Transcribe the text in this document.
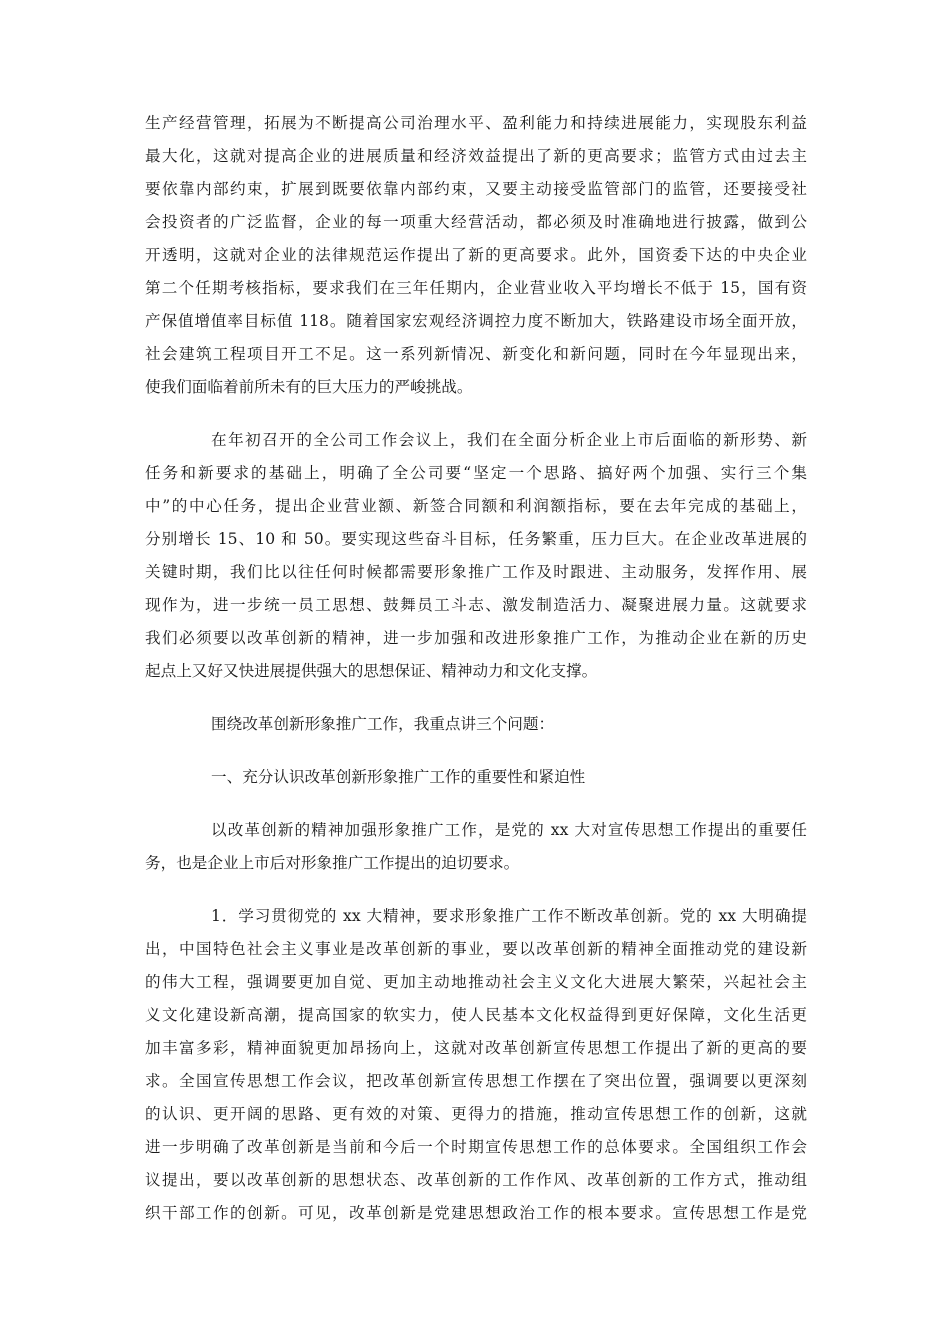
生产经营管理，拓展为不断提高公司治理水平、盈利能力和持续进展能力，实现股东利益
最大化，这就对提高企业的进展质量和经济效益提出了新的更高要求；监管方式由过去主
要依靠内部约束，扩展到既要依靠内部约束，又要主动接受监管部门的监管，还要接受社
会投资者的广泛监督，企业的每一项重大经营活动，都必须及时准确地进行披露，做到公
开透明，这就对企业的法律规范运作提出了新的更高要求。此外，国资委下达的中央企业
第二个任期考核指标，要求我们在三年任期内，企业营业收入平均增长不低于 15，国有资
产保值增值率目标值 118。随着国家宏观经济调控力度不断加大，铁路建设市场全面开放，
社会建筑工程项目开工不足。这一系列新情况、新变化和新问题，同时在今年显现出来，
使我们面临着前所未有的巨大压力的严峻挑战。
在年初召开的全公司工作会议上，我们在全面分析企业上市后面临的新形势、新
任务和新要求的基础上，明确了全公司要“坚定一个思路、搞好两个加强、实行三个集
中”的中心任务，提出企业营业额、新签合同额和利润额指标，要在去年完成的基础上，
分别增长 15、10 和 50。要实现这些奋斗目标，任务繁重，压力巨大。在企业改革进展的
关键时期，我们比以往任何时候都需要形象推广工作及时跟进、主动服务，发挥作用、展
现作为，进一步统一员工思想、鼓舞员工斗志、激发制造活力、凝聚进展力量。这就要求
我们必须要以改革创新的精神，进一步加强和改进形象推广工作，为推动企业在新的历史
起点上又好又快进展提供强大的思想保证、精神动力和文化支撑。
围绕改革创新形象推广工作，我重点讲三个问题：
一、充分认识改革创新形象推广工作的重要性和紧迫性
以改革创新的精神加强形象推广工作，是党的 xx 大对宣传思想工作提出的重要任
务，也是企业上市后对形象推广工作提出的迫切要求。
1．学习贯彻党的 xx 大精神，要求形象推广工作不断改革创新。党的 xx 大明确提
出，中国特色社会主义事业是改革创新的事业，要以改革创新的精神全面推动党的建设新
的伟大工程，强调要更加自觉、更加主动地推动社会主义文化大进展大繁荣，兴起社会主
义文化建设新高潮，提高国家的软实力，使人民基本文化权益得到更好保障，文化生活更
加丰富多彩，精神面貌更加昂扬向上，这就对改革创新宣传思想工作提出了新的更高的要
求。全国宣传思想工作会议，把改革创新宣传思想工作摆在了突出位置，强调要以更深刻
的认识、更开阔的思路、更有效的对策、更得力的措施，推动宣传思想工作的创新，这就
进一步明确了改革创新是当前和今后一个时期宣传思想工作的总体要求。全国组织工作会
议提出，要以改革创新的思想状态、改革创新的工作作风、改革创新的工作方式，推动组
织干部工作的创新。可见，改革创新是党建思想政治工作的根本要求。宣传思想工作是党
